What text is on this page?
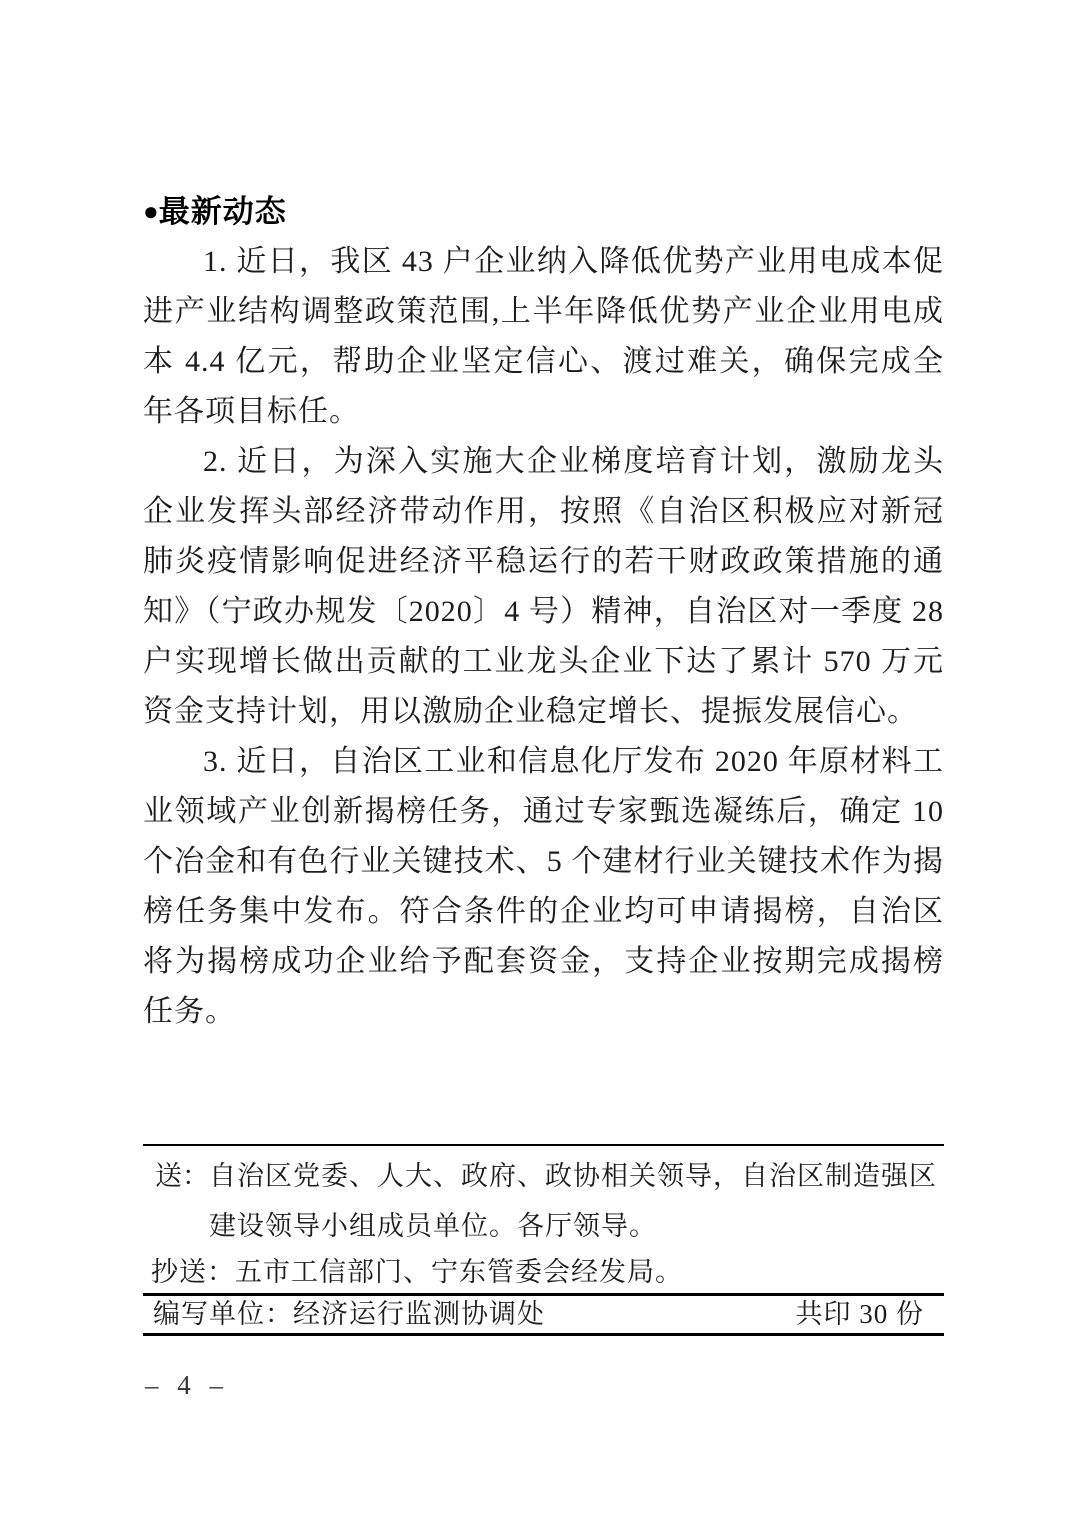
●最新动态

1. 近日，我区 43 户企业纳入降低优势产业用电成本促进产业结构调整政策范围,上半年降低优势产业企业用电成本 4.4 亿元，帮助企业坚定信心、渡过难关，确保完成全年各项目标任。

2. 近日，为深入实施大企业梯度培育计划，激励龙头企业发挥头部经济带动作用，按照《自治区积极应对新冠肺炎疫情影响促进经济平稳运行的若干财政政策措施的通知》（宁政办规发〔2020〕4 号）精神，自治区对一季度 28 户实现增长做出贡献的工业龙头企业下达了累计 570 万元资金支持计划，用以激励企业稳定增长、提振发展信心。

3. 近日，自治区工业和信息化厅发布 2020 年原材料工业领域产业创新揭榜任务，通过专家甄选凝练后，确定 10 个冶金和有色行业关键技术、5 个建材行业关键技术作为揭榜任务集中发布。符合条件的企业均可申请揭榜，自治区将为揭榜成功企业给予配套资金，支持企业按期完成揭榜任务。

送： 自治区党委、人大、政府、政协相关领导，自治区制造强区建设领导小组成员单位。各厅领导。
抄送：五市工信部门、宁东管委会经发局。
编写单位：经济运行监测协调处	共印 30 份
– 4 –
